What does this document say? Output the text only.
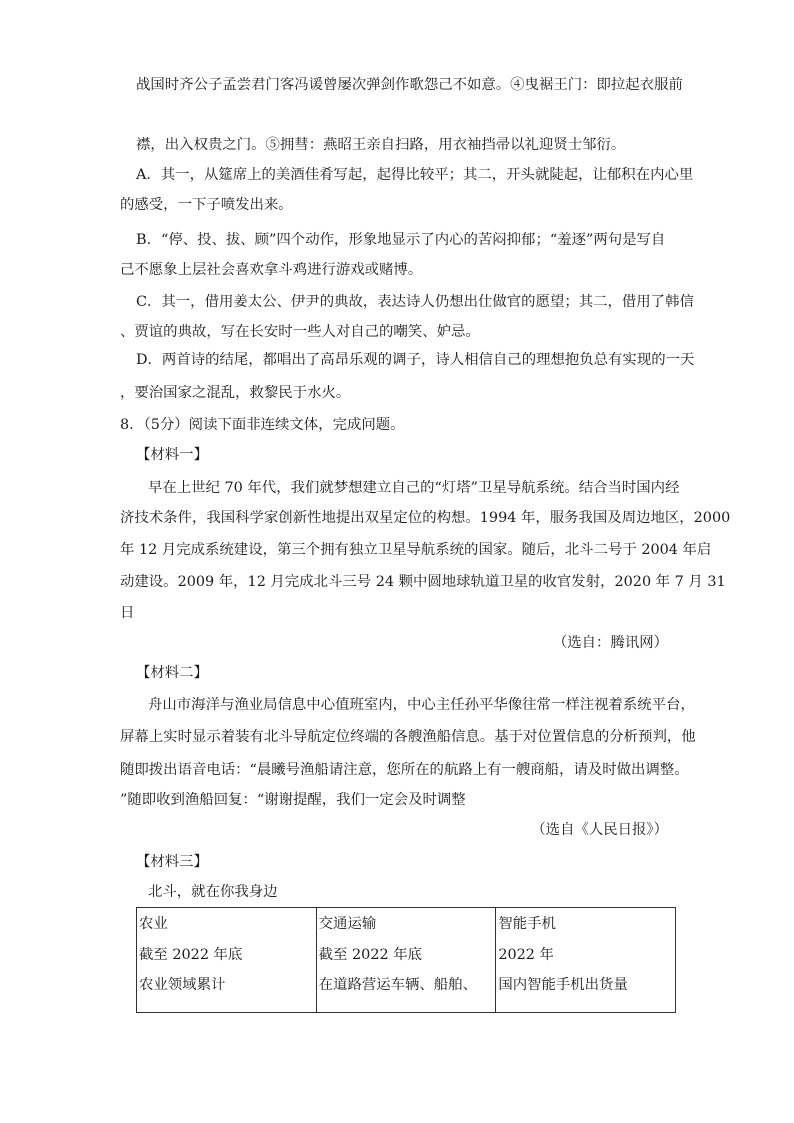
战国时齐公子孟尝君门客冯谖曾屡次弹剑作歌怨己不如意。④曳裾王门：即拉起衣服前
襟，出入权贵之门。⑤拥彗：燕昭王亲自扫路，用衣袖挡帚以礼迎贤士邹衍。
A．其一，从筵席上的美酒佳肴写起，起得比较平；其二，开头就陡起，让郁积在内心里
的感受，一下子喷发出来。
B．“停、投、拔、顾”四个动作，形象地显示了内心的苦闷抑郁；“羞逐”两句是写自
己不愿象上层社会喜欢拿斗鸡进行游戏或赌博。
C．其一，借用姜太公、伊尹的典故，表达诗人仍想出仕做官的愿望；其二，借用了韩信
、贾谊的典故，写在长安时一些人对自己的嘲笑、妒忌。
D．两首诗的结尾，都唱出了高昂乐观的调子，诗人相信自己的理想抱负总有实现的一天
，要治国家之混乱，救黎民于水火。
8．（5分）阅读下面非连续文体，完成问题。
【材料一】
早在上世纪 70 年代，我们就梦想建立自己的“灯塔”卫星导航系统。结合当时国内经
济技术条件，我国科学家创新性地提出双星定位的构想。1994 年，服务我国及周边地区，2000
年 12 月完成系统建设，第三个拥有独立卫星导航系统的国家。随后，北斗二号于 2004 年启
动建设。2009 年，12 月完成北斗三号 24 颗中圆地球轨道卫星的收官发射，2020 年 7 月 31
日
（选自：腾讯网）
【材料二】
舟山市海洋与渔业局信息中心值班室内，中心主任孙平华像往常一样注视着系统平台，
屏幕上实时显示着装有北斗导航定位终端的各艘渔船信息。基于对位置信息的分析预判，他
随即拨出语音电话：“晨曦号渔船请注意，您所在的航路上有一艘商船，请及时做出调整。
”随即收到渔船回复：“谢谢提醒，我们一定会及时调整
（选自《人民日报》）
【材料三】
北斗，就在你我身边
农业
截至 2022 年底
农业领域累计

交通运输
截至 2022 年底
在道路营运车辆、船舶、

智能手机
2022 年
国内智能手机出货量
